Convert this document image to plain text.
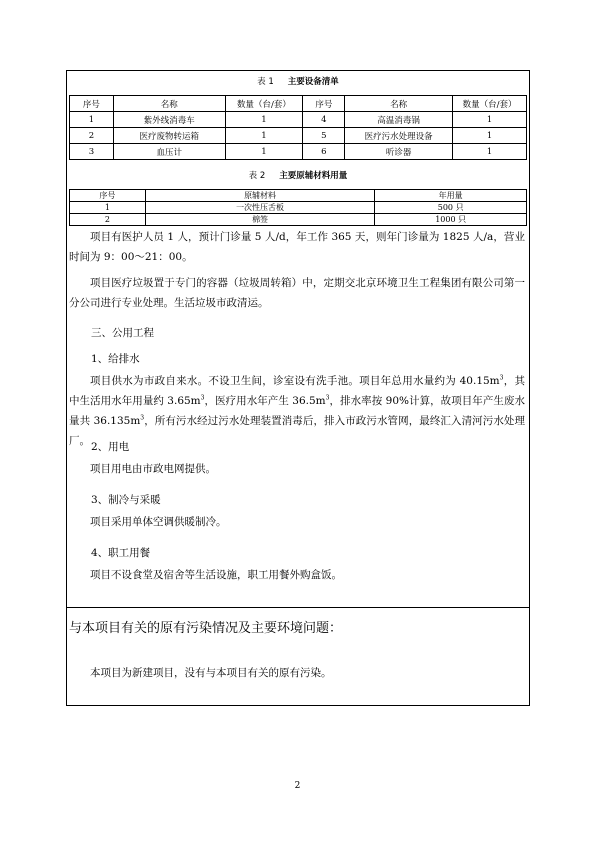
表 1 主要设备清单
序号	名称	数量（台/套）	序号	名称	数量（台/套）
1	紫外线消毒车	1	4	高温消毒锅	1
2	医疗废物转运箱	1	5	医疗污水处理设备	1
3	血压计	1	6	听诊器	1
表 2 主要原辅材料用量
序号	原辅材料	年用量
1	一次性压舌板	500 只
2	棉签	1000 只

项目有医护人员 1 人，预计门诊量 5 人/d，年工作 365 天，则年门诊量为 1825 人/a，营业时间为 9：00～21：00。

项目医疗垃圾置于专门的容器（垃圾周转箱）中，定期交北京环境卫生工程集团有限公司第一分公司进行专业处理。生活垃圾市政清运。

三、公用工程
1、给排水

项目供水为市政自来水。不设卫生间，诊室设有洗手池。项目年总用水量约为 $40.15m^3$，其中生活用水年用量约 $3.65m^3$，医疗用水年产生 $36.5m^3$，排水率按 90%计算，故项目年产生废水量共 $36.135m^3$，所有污水经过污水处理装置消毒后，排入市政污水管网，最终汇入清河污水处理厂。 2、用电

项目用电由市政电网提供。

3、制冷与采暖

项目采用单体空调供暖制冷。

4、职工用餐

项目不设食堂及宿舍等生活设施，职工用餐外购盒饭。

与本项目有关的原有污染情况及主要环境问题：

本项目为新建项目，没有与本项目有关的原有污染。

2
